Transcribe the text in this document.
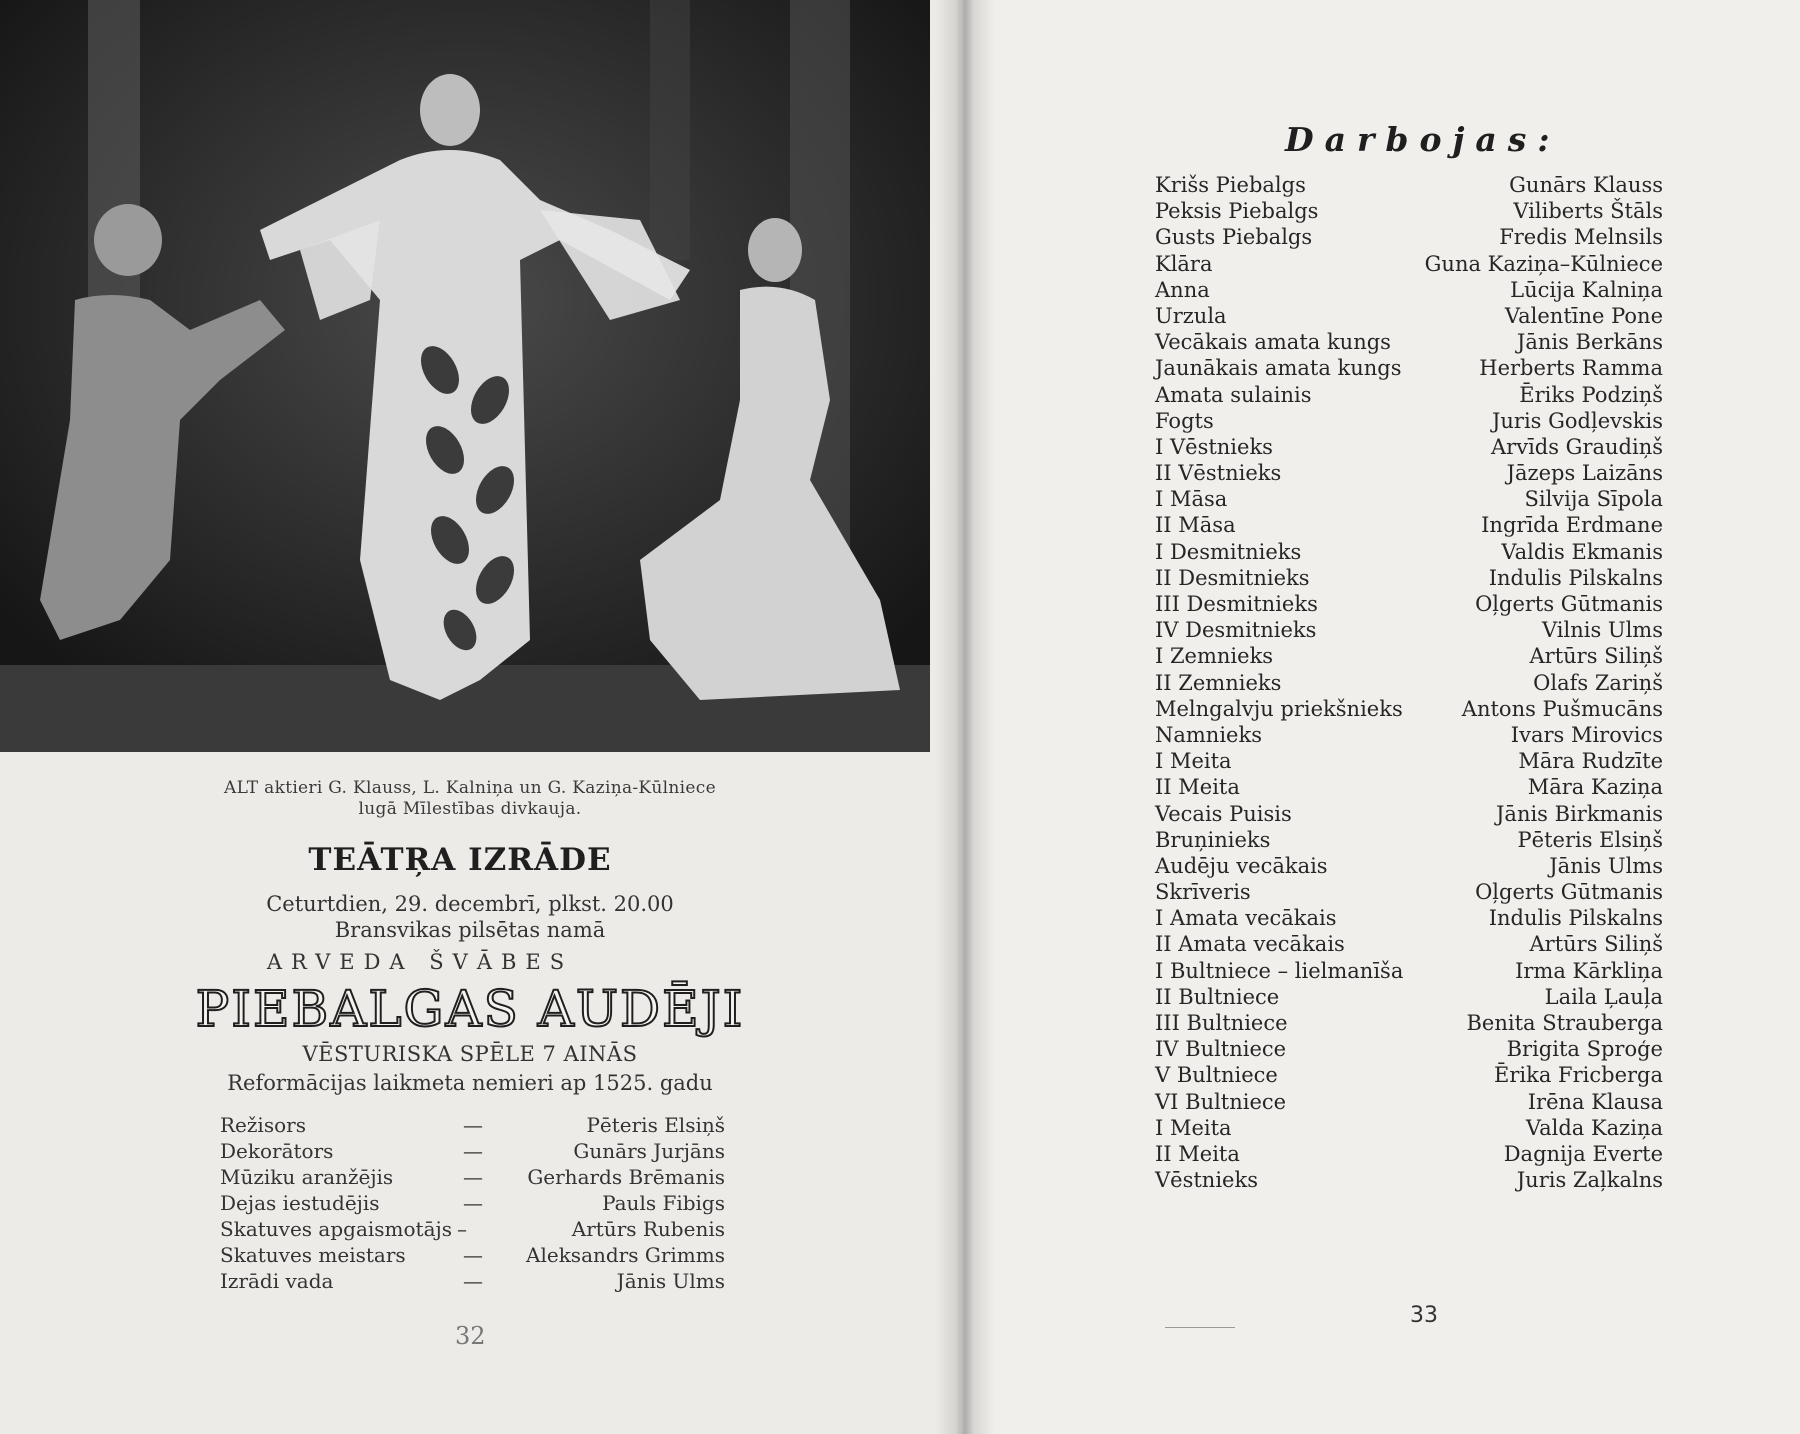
ALT aktieri G. Klauss, L. Kalniņa un G. Kaziņa-Kūlniece
lugā Mīlestības divkauja.
TEĀTŖA IZRĀDE
Ceturtdien, 29. decembrī, plkst. 20.00
Bransvikas pilsētas namā
ARVEDA ŠVĀBES
PIEBALGAS AUDĒJI
VĒSTURISKA SPĒLE 7 AINĀS
Reformācijas laikmeta nemieri ap 1525. gadu
Režisors	—	Pēteris Elsiņš
Dekorātors	—	Gunārs Jurjāns
Mūziku aranžējis	— Gerhards Brēmanis
Dejas iestudējis	—	Pauls Fibigs
Skatuves apgaismotājs –	Artūrs Rubenis
Skatuves meistars	— Aleksandrs Grimms
Izrādi vada	—	Jānis Ulms
32
Darbojas:
Krišs Piebalgs	Gunārs Klauss
Peksis Piebalgs	Viliberts Štāls
Gusts Piebalgs	Fredis Melnsils
Klāra	Guna Kaziņa–Kūlniece
Anna	Lūcija Kalniņa
Urzula	Valentīne Pone
Vecākais amata kungs	Jānis Berkāns
Jaunākais amata kungs	Herberts Ramma
Amata sulainis	Ēriks Podziņš
Fogts	Juris Godļevskis
I Vēstnieks	Arvīds Graudiņš
II Vēstnieks	Jāzeps Laizāns
I Māsa	Silvija Sīpola
II Māsa	Ingrīda Erdmane
I Desmitnieks	Valdis Ekmanis
II Desmitnieks	Indulis Pilskalns
III Desmitnieks	Oļgerts Gūtmanis
IV Desmitnieks	Vilnis Ulms
I Zemnieks	Artūrs Siliņš
II Zemnieks	Olafs Zariņš
Melngalvju priekšnieks	Antons Pušmucāns
Namnieks	Ivars Mirovics
I Meita	Māra Rudzīte
II Meita	Māra Kaziņa
Vecais Puisis	Jānis Birkmanis
Bruņinieks	Pēteris Elsiņš
Audēju vecākais	Jānis Ulms
Skrīveris	Oļgerts Gūtmanis
I Amata vecākais	Indulis Pilskalns
II Amata vecākais	Artūrs Siliņš
I Bultniece – lielmanīša	Irma Kārkliņa
II Bultniece	Laila Ļauļa
III Bultniece	Benita Strauberga
IV Bultniece	Brigita Sproģe
V Bultniece	Ērika Fricberga
VI Bultniece	Irēna Klausa
I Meita	Valda Kaziņa
II Meita	Dagnija Everte
Vēstnieks	Juris Zaļkalns
33
